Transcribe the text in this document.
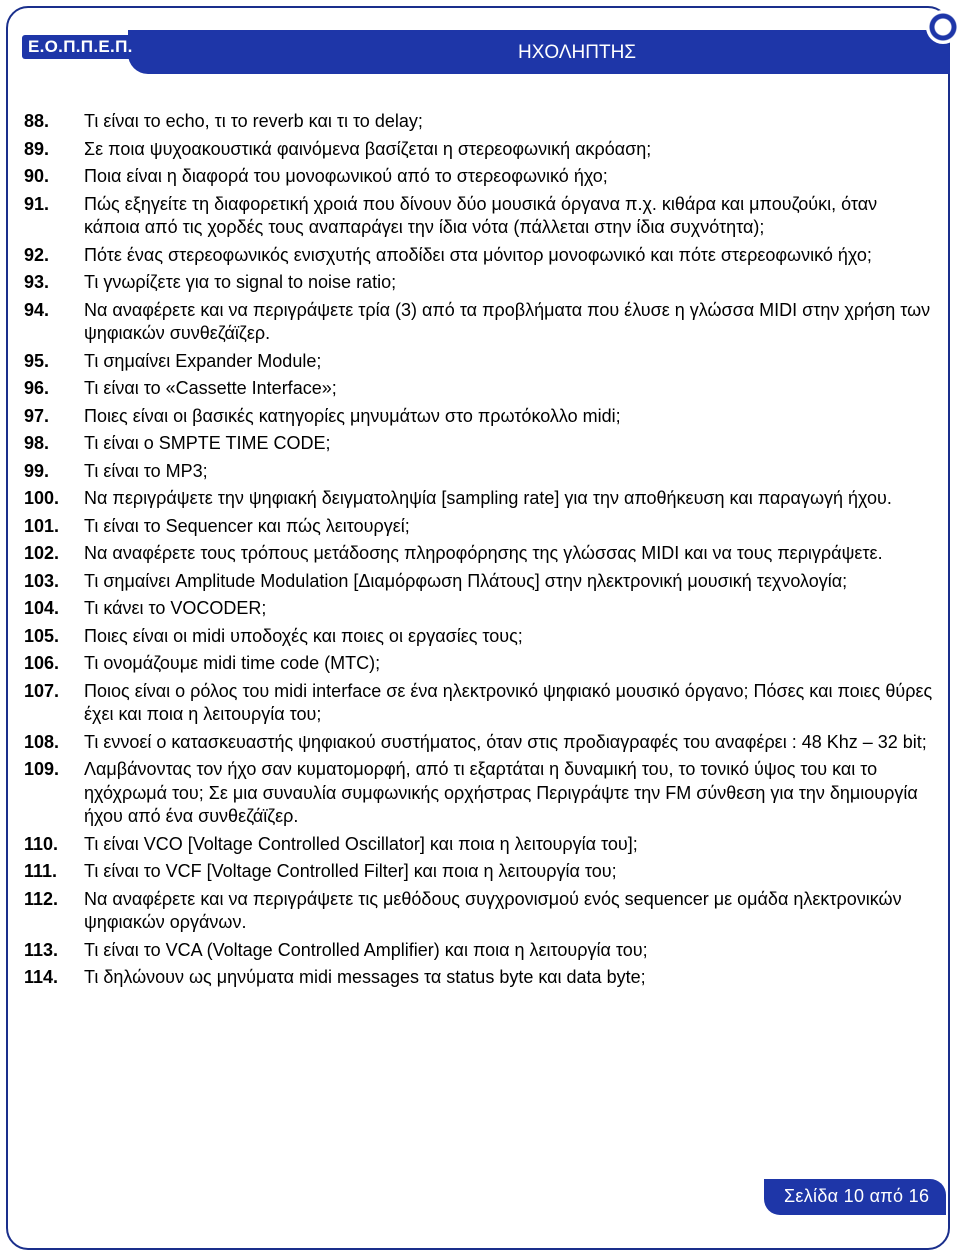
Ε.Ο.Π.Π.Ε.Π.	ΗΧΟΛΗΠΤΗΣ
88.	Τι είναι το echo, τι το reverb και τι το delay;
89.	Σε ποια ψυχοακουστικά φαινόμενα βασίζεται η στερεοφωνική ακρόαση;
90.	Ποια είναι η διαφορά του μονοφωνικού από το στερεοφωνικό ήχο;
91.	Πώς εξηγείτε τη διαφορετική χροιά που δίνουν δύο μουσικά όργανα π.χ. κιθάρα και μπουζούκι, όταν κάποια από τις χορδές τους αναπαράγει την ίδια νότα (πάλλεται στην ίδια συχνότητα);
92.	Πότε ένας στερεοφωνικός ενισχυτής αποδίδει στα μόνιτορ μονοφωνικό και πότε στερεοφωνικό ήχο;
93.	Τι γνωρίζετε για το signal to noise ratio;
94.	Να αναφέρετε και να περιγράψετε τρία (3) από τα προβλήματα που έλυσε η γλώσσα MIDI στην χρήση των ψηφιακών συνθεζάϊζερ.
95.	Τι σημαίνει Expander Module;
96.	Τι είναι το «Cassette Interface»;
97.	Ποιες είναι οι βασικές κατηγορίες μηνυμάτων στο πρωτόκολλο midi;
98.	Τι είναι ο SMPTE TIME CODE;
99.	Τι είναι το MP3;
100.	Να περιγράψετε την ψηφιακή δειγματοληψία [sampling rate] για την αποθήκευση και παραγωγή ήχου.
101.	Τι είναι το Sequencer και πώς λειτουργεί;
102.	Να αναφέρετε τους τρόπους μετάδοσης πληροφόρησης της γλώσσας MIDI και να τους περιγράψετε.
103.	Τι σημαίνει Amplitude Modulation [Διαμόρφωση Πλάτους] στην ηλεκτρονική μουσική τεχνολογία;
104.	Τι κάνει το VOCODER;
105.	Ποιες είναι οι midi υποδοχές και ποιες οι εργασίες τους;
106.	Τι ονομάζουμε midi time code (MTC);
107.	Ποιος είναι ο ρόλος του midi interface σε ένα ηλεκτρονικό ψηφιακό μουσικό όργανο; Πόσες και ποιες θύρες έχει και ποια η λειτουργία του;
108.	Τι εννοεί ο κατασκευαστής ψηφιακού συστήματος, όταν στις προδιαγραφές του αναφέρει : 48 Khz – 32 bit;
109.	Λαμβάνοντας τον ήχο σαν κυματομορφή, από τι εξαρτάται η δυναμική του, το τονικό ύψος του και το ηχόχρωμά του; Σε μια συναυλία συμφωνικής ορχήστρας Περιγράψτε την FM σύνθεση για την δημιουργία ήχου από ένα συνθεζάϊζερ.
110.	Τι είναι VCO [Voltage Controlled Oscillator] και ποια η λειτουργία του];
111.	Τι είναι το VCF [Voltage Controlled Filter] και ποια η λειτουργία του;
112.	Να αναφέρετε και να περιγράψετε τις μεθόδους συγχρονισμού ενός sequencer με ομάδα ηλεκτρονικών ψηφιακών οργάνων.
113.	Τι είναι το VCA (Voltage Controlled Amplifier) και ποια η λειτουργία του;
114.	Τι δηλώνουν ως μηνύματα midi messages τα status byte και data byte;
Σελίδα 10 από 16
